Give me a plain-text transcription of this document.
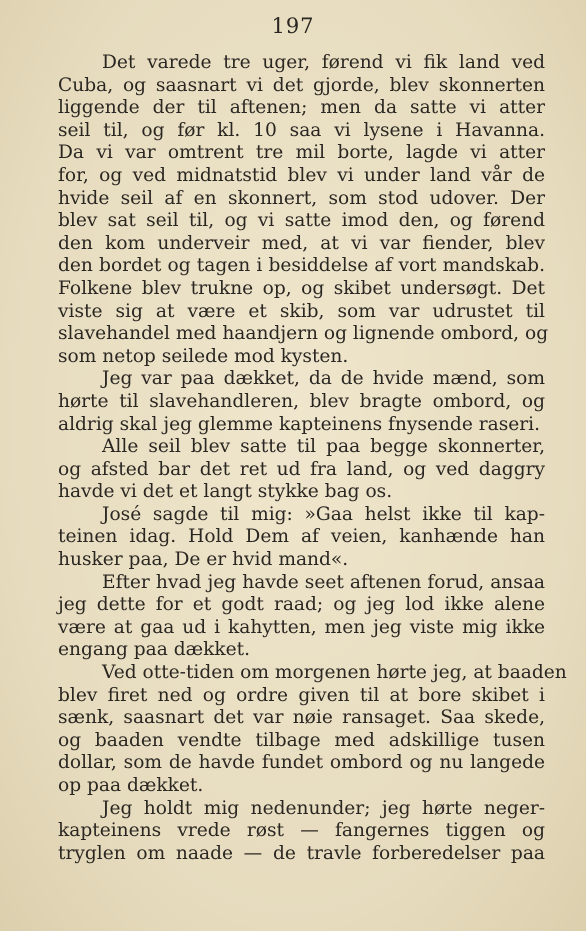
197
Det varede tre uger, førend vi fik land ved
Cuba, og saasnart vi det gjorde, blev skonnerten
liggende der til aftenen; men da satte vi atter
seil til, og før kl. 10 saa vi lysene i Havanna.
Da vi var omtrent tre mil borte, lagde vi atter
for, og ved midnatstid blev vi under land vår de
hvide seil af en skonnert, som stod udover. Der
blev sat seil til, og vi satte imod den, og førend
den kom underveir med, at vi var fiender, blev
den bordet og tagen i besiddelse af vort mandskab.
Folkene blev trukne op, og skibet undersøgt. Det
viste sig at være et skib, som var udrustet til
slavehandel med haandjern og lignende ombord, og
som netop seilede mod kysten.
Jeg var paa dækket, da de hvide mænd, som
hørte til slavehandleren, blev bragte ombord, og
aldrig skal jeg glemme kapteinens fnysende raseri.
Alle seil blev satte til paa begge skonnerter,
og afsted bar det ret ud fra land, og ved daggry
havde vi det et langt stykke bag os.
José sagde til mig: »Gaa helst ikke til kap-
teinen idag. Hold Dem af veien, kanhænde han
husker paa, De er hvid mand«.
Efter hvad jeg havde seet aftenen forud, ansaa
jeg dette for et godt raad; og jeg lod ikke alene
være at gaa ud i kahytten, men jeg viste mig ikke
engang paa dækket.
Ved otte-tiden om morgenen hørte jeg, at baaden
blev firet ned og ordre given til at bore skibet i
sænk, saasnart det var nøie ransaget. Saa skede,
og baaden vendte tilbage med adskillige tusen
dollar, som de havde fundet ombord og nu langede
op paa dækket.
Jeg holdt mig nedenunder; jeg hørte neger-
kapteinens vrede røst — fangernes tiggen og
tryglen om naade — de travle forberedelser paa
